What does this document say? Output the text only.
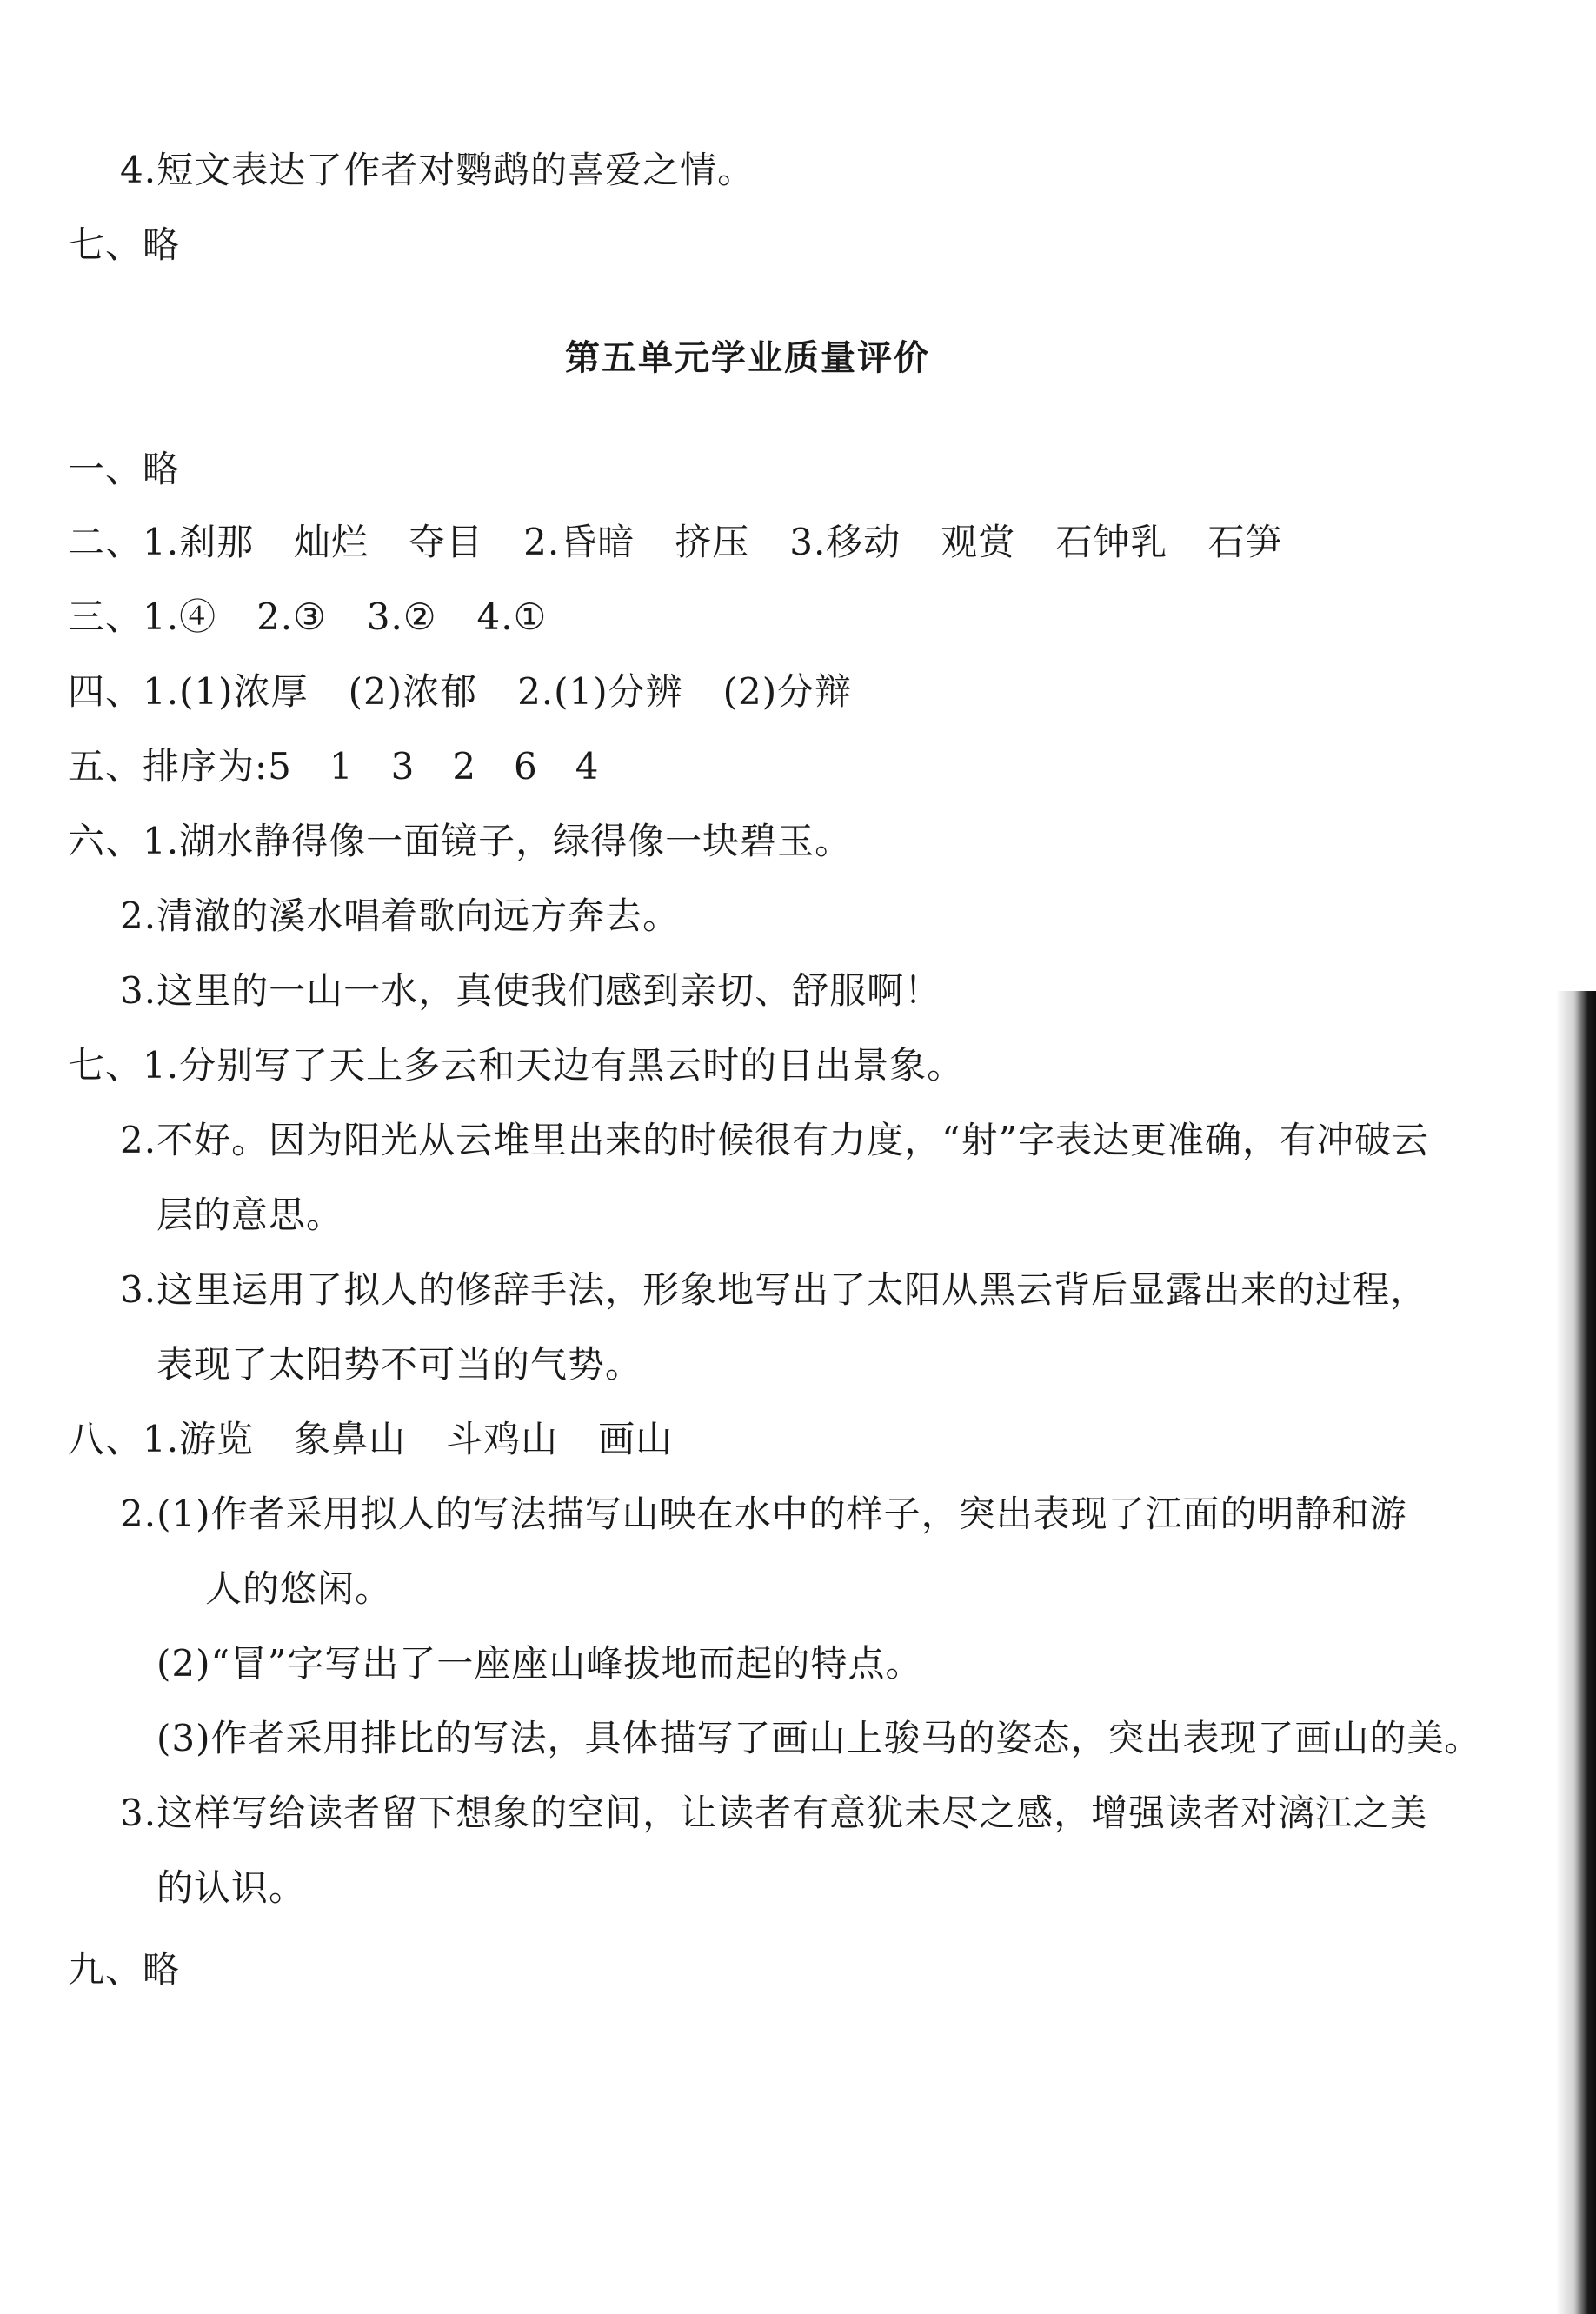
4.短文表达了作者对鹦鹉的喜爱之情。
七、略
第五单元学业质量评价
一、略
二、1.刹那 灿烂 夺目 2.昏暗 挤压 3.移动 观赏 石钟乳 石笋
三、1.④ 2.③ 3.② 4.①
四、1.(1)浓厚 (2)浓郁 2.(1)分辨 (2)分辩
五、排序为:5　1　3　2　6　4
六、1.湖水静得像一面镜子，绿得像一块碧玉。
2.清澈的溪水唱着歌向远方奔去。
3.这里的一山一水，真使我们感到亲切、舒服啊！
七、1.分别写了天上多云和天边有黑云时的日出景象。
2.不好。因为阳光从云堆里出来的时候很有力度，“射”字表达更准确，有冲破云
层的意思。
3.这里运用了拟人的修辞手法，形象地写出了太阳从黑云背后显露出来的过程，
表现了太阳势不可当的气势。
八、1.游览 象鼻山 斗鸡山 画山
2.(1)作者采用拟人的写法描写山映在水中的样子，突出表现了江面的明静和游
人的悠闲。
(2)“冒”字写出了一座座山峰拔地而起的特点。
(3)作者采用排比的写法，具体描写了画山上骏马的姿态，突出表现了画山的美。
3.这样写给读者留下想象的空间，让读者有意犹未尽之感，增强读者对漓江之美
的认识。
九、略
